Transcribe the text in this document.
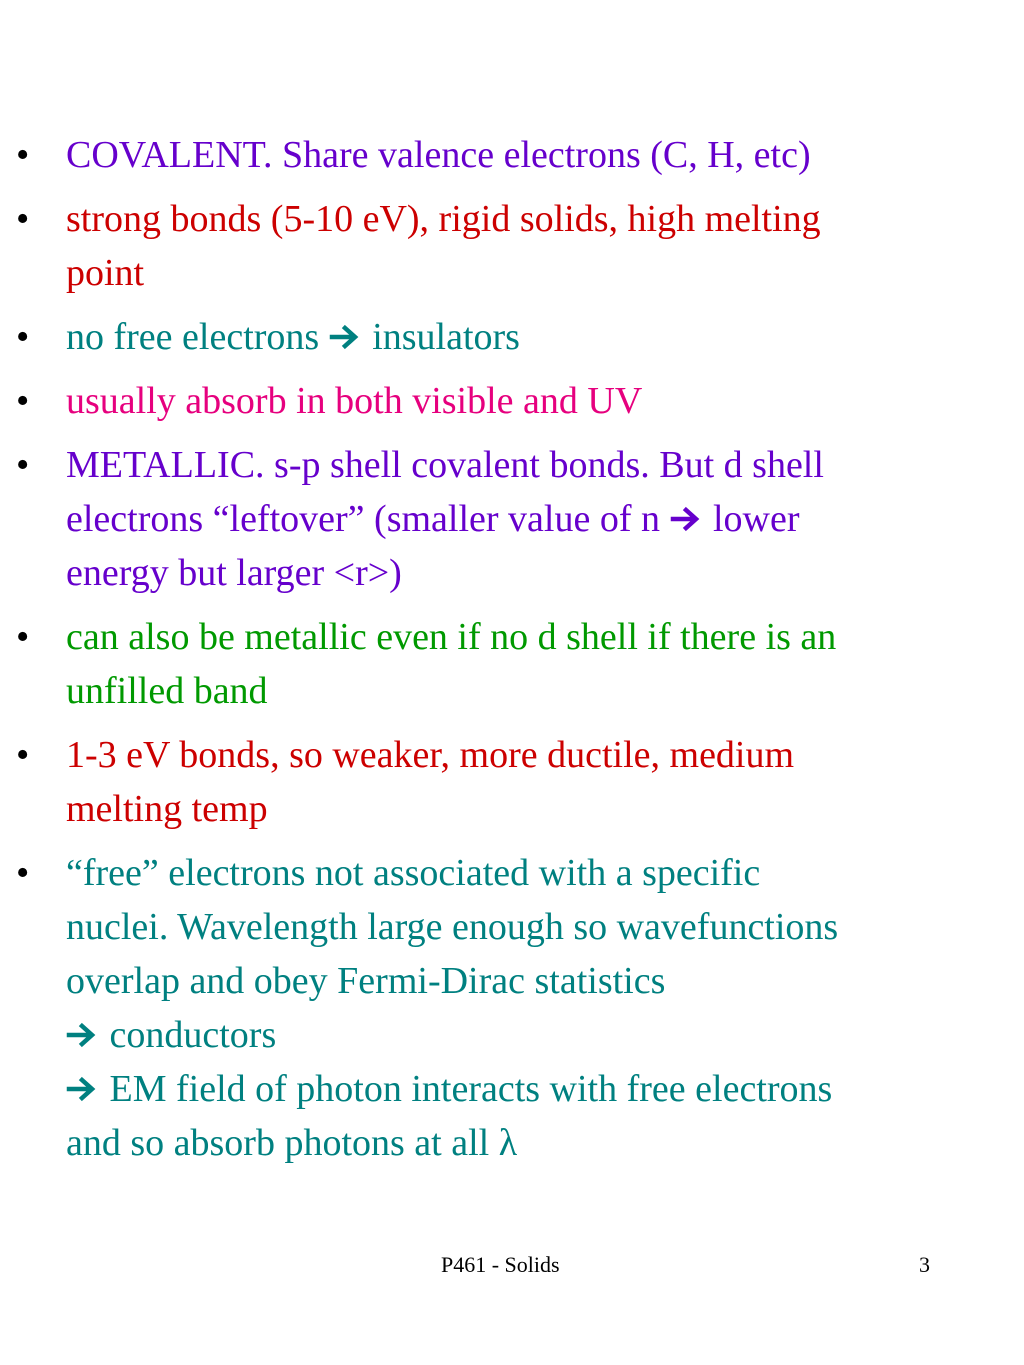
• COVALENT. Share valence electrons (C, H, etc)
• strong bonds (5-10 eV), rigid solids, high melting
point
• no free electrons insulators
• usually absorb in both visible and UV
• METALLIC. s-p shell covalent bonds. But d shell
electrons “leftover” (smaller value of n lower
energy but larger <r>)
• can also be metallic even if no d shell if there is an
unfilled band
• 1-3 eV bonds, so weaker, more ductile, medium
melting temp
• “free” electrons not associated with a specific
nuclei. Wavelength large enough so wavefunctions
overlap and obey Fermi-Dirac statistics
conductors
EM field of photon interacts with free electrons
and so absorb photons at all λ
P461 - Solids	3
